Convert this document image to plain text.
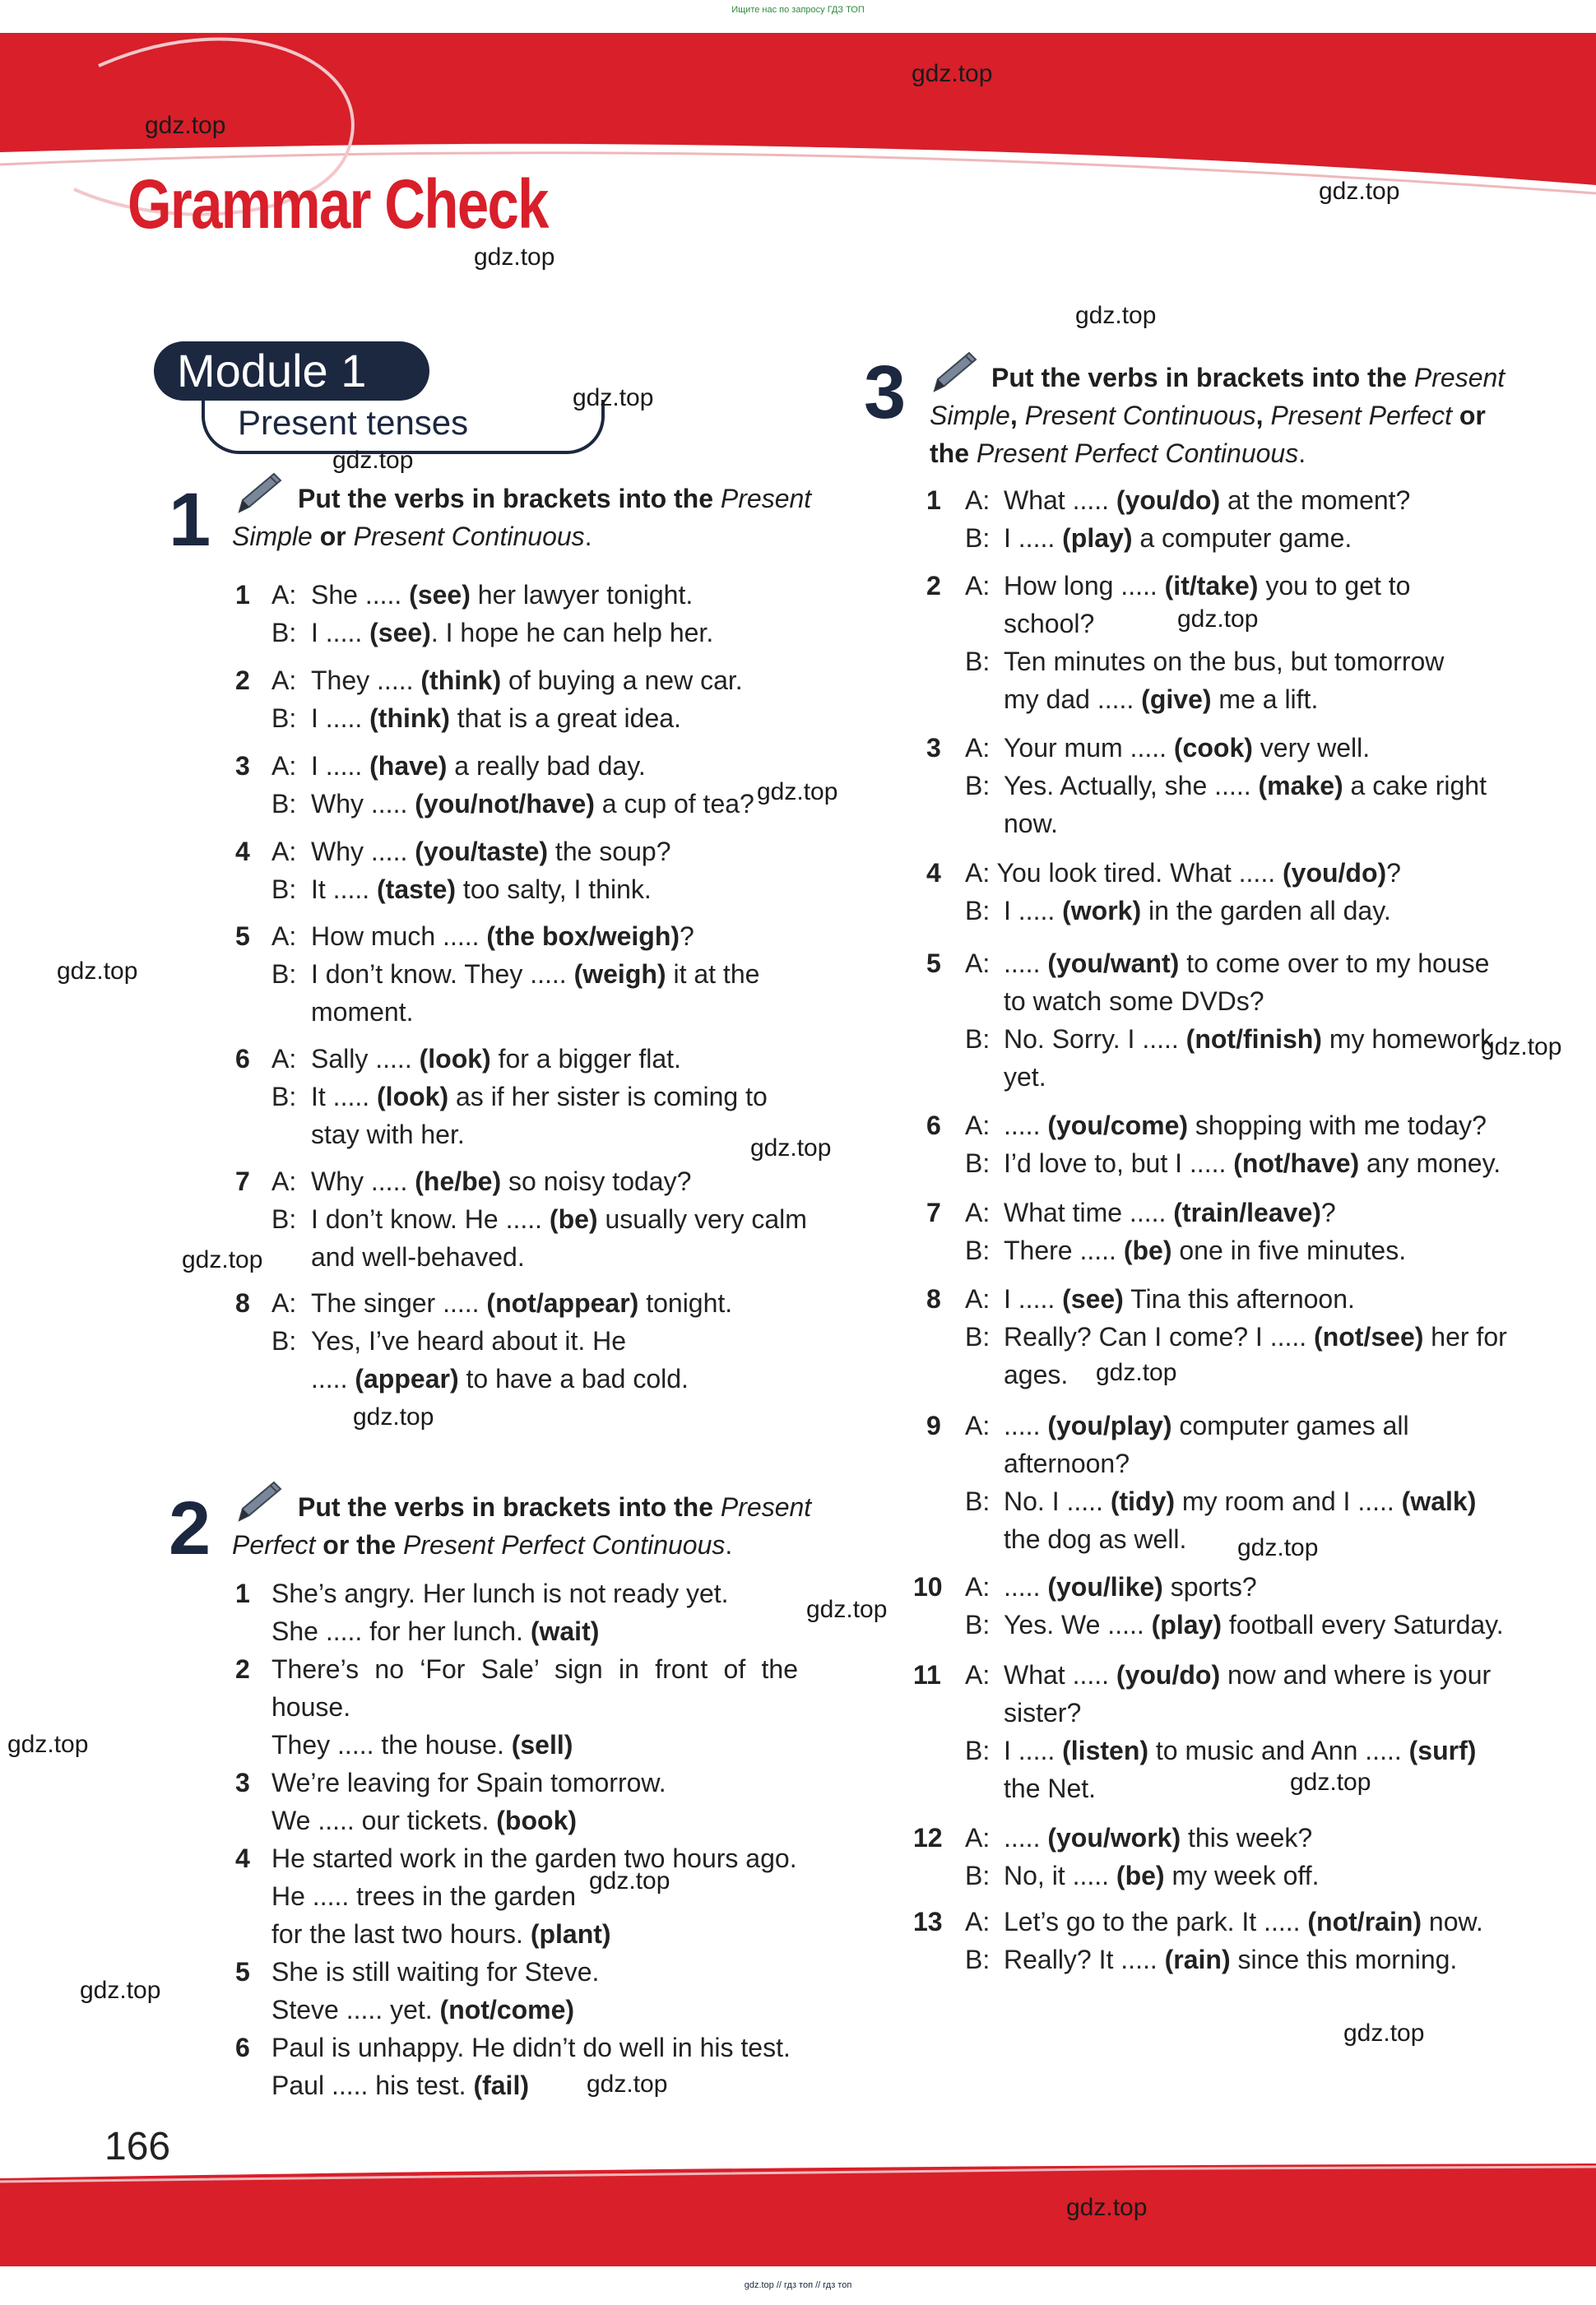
Ищите нас по запросу ГДЗ ТОП
Grammar Check
Module 1
Present tenses
1	Put the verbs in brackets into the Present Simple or Present Continuous.
1 A: She ..... (see) her lawyer tonight.
B: I ..... (see). I hope he can help her.
2 A: They ..... (think) of buying a new car.
B: I ..... (think) that is a great idea.
3 A: I ..... (have) a really bad day.
B: Why ..... (you/not/have) a cup of tea?
4 A: Why ..... (you/taste) the soup?
B: It ..... (taste) too salty, I think.
5 A: How much ..... (the box/weigh)?
B: I don’t know. They ..... (weigh) it at the
moment.
6 A: Sally ..... (look) for a bigger flat.
B: It ..... (look) as if her sister is coming to
stay with her.
7 A: Why ..... (he/be) so noisy today?
B: I don’t know. He ..... (be) usually very calm
and well-behaved.
8 A: The singer ..... (not/appear) tonight.
B: Yes, I’ve heard about it. He
..... (appear) to have a bad cold.
2	Put the verbs in brackets into the Present Perfect or the Present Perfect Continuous.
1 She’s angry. Her lunch is not ready yet.
She ..... for her lunch. (wait)
2 There’s no ‘For Sale’ sign in front of the
house.
They ..... the house. (sell)
3 We’re leaving for Spain tomorrow.
We ..... our tickets. (book)
4 He started work in the garden two hours ago.
He ..... trees in the garden
for the last two hours. (plant)
5 She is still waiting for Steve.
Steve ..... yet. (not/come)
6 Paul is unhappy. He didn’t do well in his test.
Paul ..... his test. (fail)
3	Put the verbs in brackets into the Present Simple, Present Continuous, Present Perfect or the Present Perfect Continuous.
1 A: What ..... (you/do) at the moment?
B: I ..... (play) a computer game.
2 A: How long ..... (it/take) you to get to
school?
B: Ten minutes on the bus, but tomorrow
my dad ..... (give) me a lift.
3 A: Your mum ..... (cook) very well.
B: Yes. Actually, she ..... (make) a cake right
now.
4 A: You look tired. What ..... (you/do)?
B: I ..... (work) in the garden all day.
5 A: ..... (you/want) to come over to my house
to watch some DVDs?
B: No. Sorry. I ..... (not/finish) my homework
yet.
6 A: ..... (you/come) shopping with me today?
B: I’d love to, but I ..... (not/have) any money.
7 A: What time ..... (train/leave)?
B: There ..... (be) one in five minutes.
8 A: I ..... (see) Tina this afternoon.
B: Really? Can I come? I ..... (not/see) her for
ages.
9 A: ..... (you/play) computer games all
afternoon?
B: No. I ..... (tidy) my room and I ..... (walk)
the dog as well.
10 A: ..... (you/like) sports?
B: Yes. We ..... (play) football every Saturday.
11 A: What ..... (you/do) now and where is your
sister?
B: I ..... (listen) to music and Ann ..... (surf)
the Net.
12 A: ..... (you/work) this week?
B: No, it ..... (be) my week off.
13 A: Let’s go to the park. It ..... (not/rain) now.
B: Really? It ..... (rain) since this morning.
166
gdz.top // гдз топ // гдз топ
gdz.top
gdz.top
gdz.top
gdz.top
gdz.top
gdz.top
gdz.top
gdz.top
gdz.top
gdz.top
gdz.top
gdz.top
gdz.top
gdz.top
gdz.top
gdz.top
gdz.top
gdz.top
gdz.top
gdz.top
gdz.top
gdz.top
gdz.top
gdz.top
